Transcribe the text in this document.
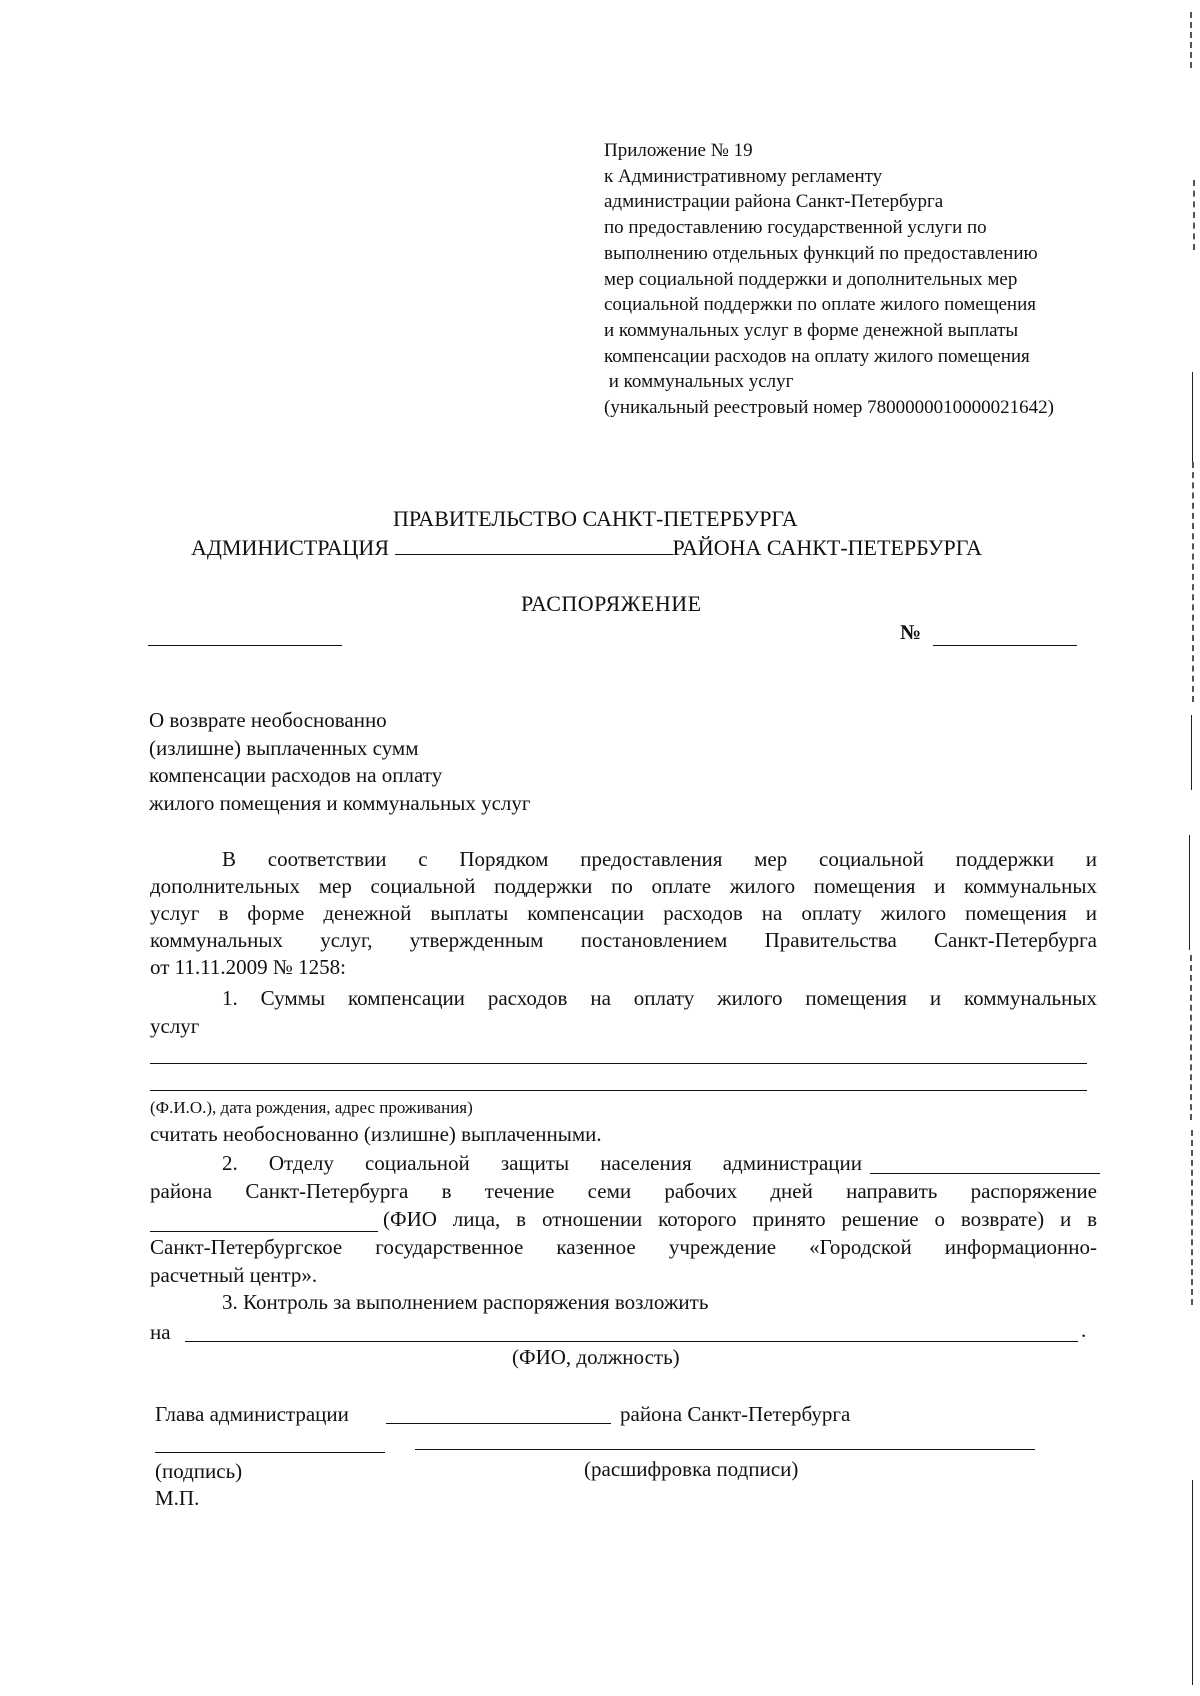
Приложение № 19
к Административному регламенту
администрации района Санкт-Петербурга
по предоставлению государственной услуги по
выполнению отдельных функций по предоставлению
мер социальной поддержки и дополнительных мер
социальной поддержки по оплате жилого помещения
и коммунальных услуг в форме денежной выплаты
компенсации расходов на оплату жилого помещения
и коммунальных услуг
(уникальный реестровый номер 7800000010000021642)
ПРАВИТЕЛЬСТВО САНКТ-ПЕТЕРБУРГА
АДМИНИСТРАЦИЯ	РАЙОНА САНКТ-ПЕТЕРБУРГА
РАСПОРЯЖЕНИЕ
№
О возврате необоснованно
(излишне) выплаченных сумм
компенсации расходов на оплату
жилого помещения и коммунальных услуг
В соответствии с Порядком предоставления мер социальной поддержки и
дополнительных мер социальной поддержки по оплате жилого помещения и коммунальных
услуг в форме денежной выплаты компенсации расходов на оплату жилого помещения и
коммунальных услуг, утвержденным постановлением Правительства Санкт-Петербурга
от 11.11.2009 № 1258:
1. Суммы компенсации расходов на оплату жилого помещения и коммунальных
услуг
(Ф.И.О.), дата рождения, адрес проживания)
считать необоснованно (излишне) выплаченными.
2. Отделу социальной защиты населения администрации
района Санкт-Петербурга в течение семи рабочих дней направить распоряжение
(ФИО лица, в отношении которого принято решение о возврате) и в
Санкт-Петербургское государственное казенное учреждение «Городской информационно-
расчетный центр».
3. Контроль за выполнением распоряжения возложить
на	.
(ФИО, должность)
Глава администрации	района Санкт-Петербурга
(подпись)	(расшифровка подписи)
М.П.
